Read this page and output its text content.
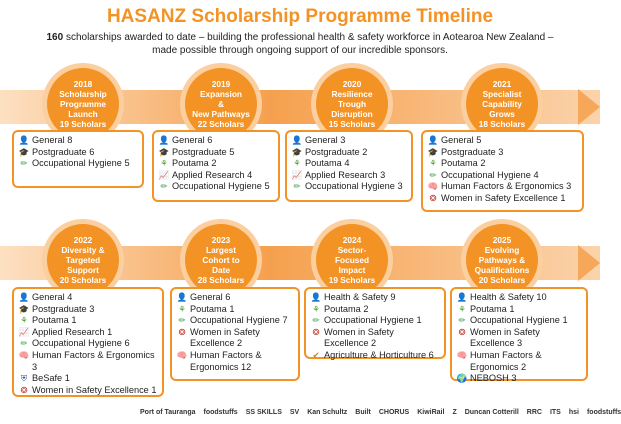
HASANZ Scholarship Programme Timeline
160 scholarships awarded to date – building the professional health & safety workforce in Aotearoa New Zealand – made possible through ongoing support of our incredible sponsors.
2018
Scholarship
Programme
Launch
19 Scholars
👤 General 8
🎓 Postgraduate 6
✏ Occupational Hygiene 5
2019
Expansion
&
New Pathways
22 Scholars
👤 General 6
🎓 Postgraduate 5
⚘ Poutama 2
📈 Applied Research 4
✏ Occupational Hygiene 5
2020
Resilience
Trough
Disruption
15 Scholars
👤 General 3
🎓 Postgraduate 2
⚘ Poutama 4
📈 Applied Research 3
✏ Occupational Hygiene 3
2021
Specialist
Capability
Grows
18 Scholars
👤 General 5
🎓 Postgraduate 3
⚘ Poutama 2
✏ Occupational Hygiene 4
🧠 Human Factors & Ergonomics 3
❂ Women in Safety Excellence 1
2022
Diversity &
Targeted
Support
20 Scholars
👤 General 4
🎓 Postgraduate 3
⚘ Poutama 1
📈 Applied Research 1
✏ Occupational Hygiene 6
🧠 Human Factors & Ergonomics 3
⛨ BeSafe 1
❂ Women in Safety Excellence 1
2023
Largest
Cohort to
Date
28 Scholars
👤 General 6
⚘ Poutama 1
✏ Occupational Hygiene 7
❂ Women in Safety Excellence 2
🧠 Human Factors & Ergonomics 12
2024
Sector-
Focused
Impact
19 Scholars
👤 Health & Safety 9
⚘ Poutama 2
✏ Occupational Hygiene 1
❂ Women in Safety Excellence 2
✔ Agriculture & Horticulture 6
2025
Evolving
Pathways &
Qualifications
20 Scholars
👤 Health & Safety 10
⚘ Poutama 1
✏ Occupational Hygiene 1
❂ Women in Safety Excellence 3
🧠 Human Factors & Ergonomics 2
🌍 NEBOSH 3
Port of Tauranga foodstuffs SS SKILLS SV Kan Schultz Built CHORUS KiwiRail Z Duncan Cotterill RRC ITS hsi foodstuffs
